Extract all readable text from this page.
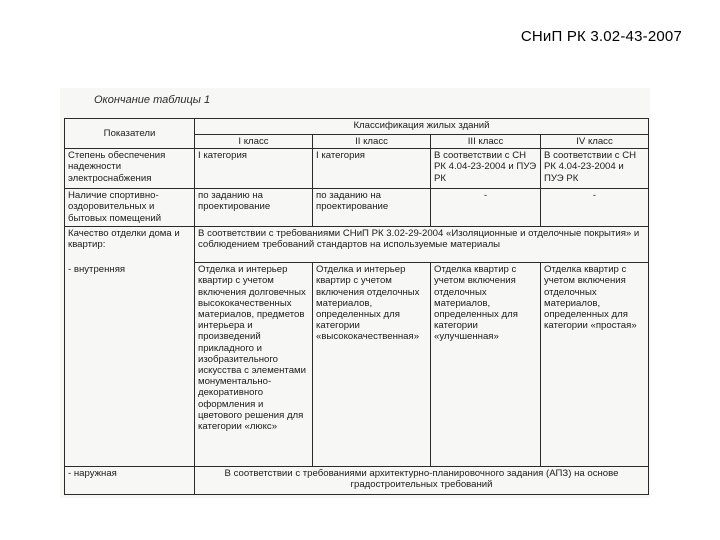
СНиП РК 3.02-43-2007
Окончание таблицы 1
Показатели	Классификация жилых зданий			
	I класс	II класс	III класс	IV класс
Степень обеспечения надежности электроснабжения	I категория	I категория	В соответствии с СН РК 4.04-23-2004 и ПУЭ РК	В соответствии с СН РК 4.04-23-2004 и ПУЭ РК
Наличие спортивно-оздоровительных и бытовых помещений	по заданию на проектирование	по заданию на проектирование	-	-
Качество отделки дома и квартир:	В соответствии с требованиями СНиП РК 3.02-29-2004 «Изоляционные и отделочные покрытия» и соблюдением требований стандартов на используемые материалы			
- внутренняя	Отделка и интерьер квартир с учетом включения долговечных высококачественных материалов, предметов интерьера и произведений прикладного и изобразительного искусства с элементами монументально-декоративного оформления и цветового решения для категории «люкс»	Отделка и интерьер квартир с учетом включения отделочных материалов, определенных для категории «высококачественная»	Отделка квартир с учетом включения отделочных материалов, определенных для категории «улучшенная»	Отделка квартир с учетом включения отделочных материалов, определенных для категории «простая»
- наружная	В соответствии с требованиями архитектурно-планировочного задания (АПЗ) на основе градостроительных требований			
